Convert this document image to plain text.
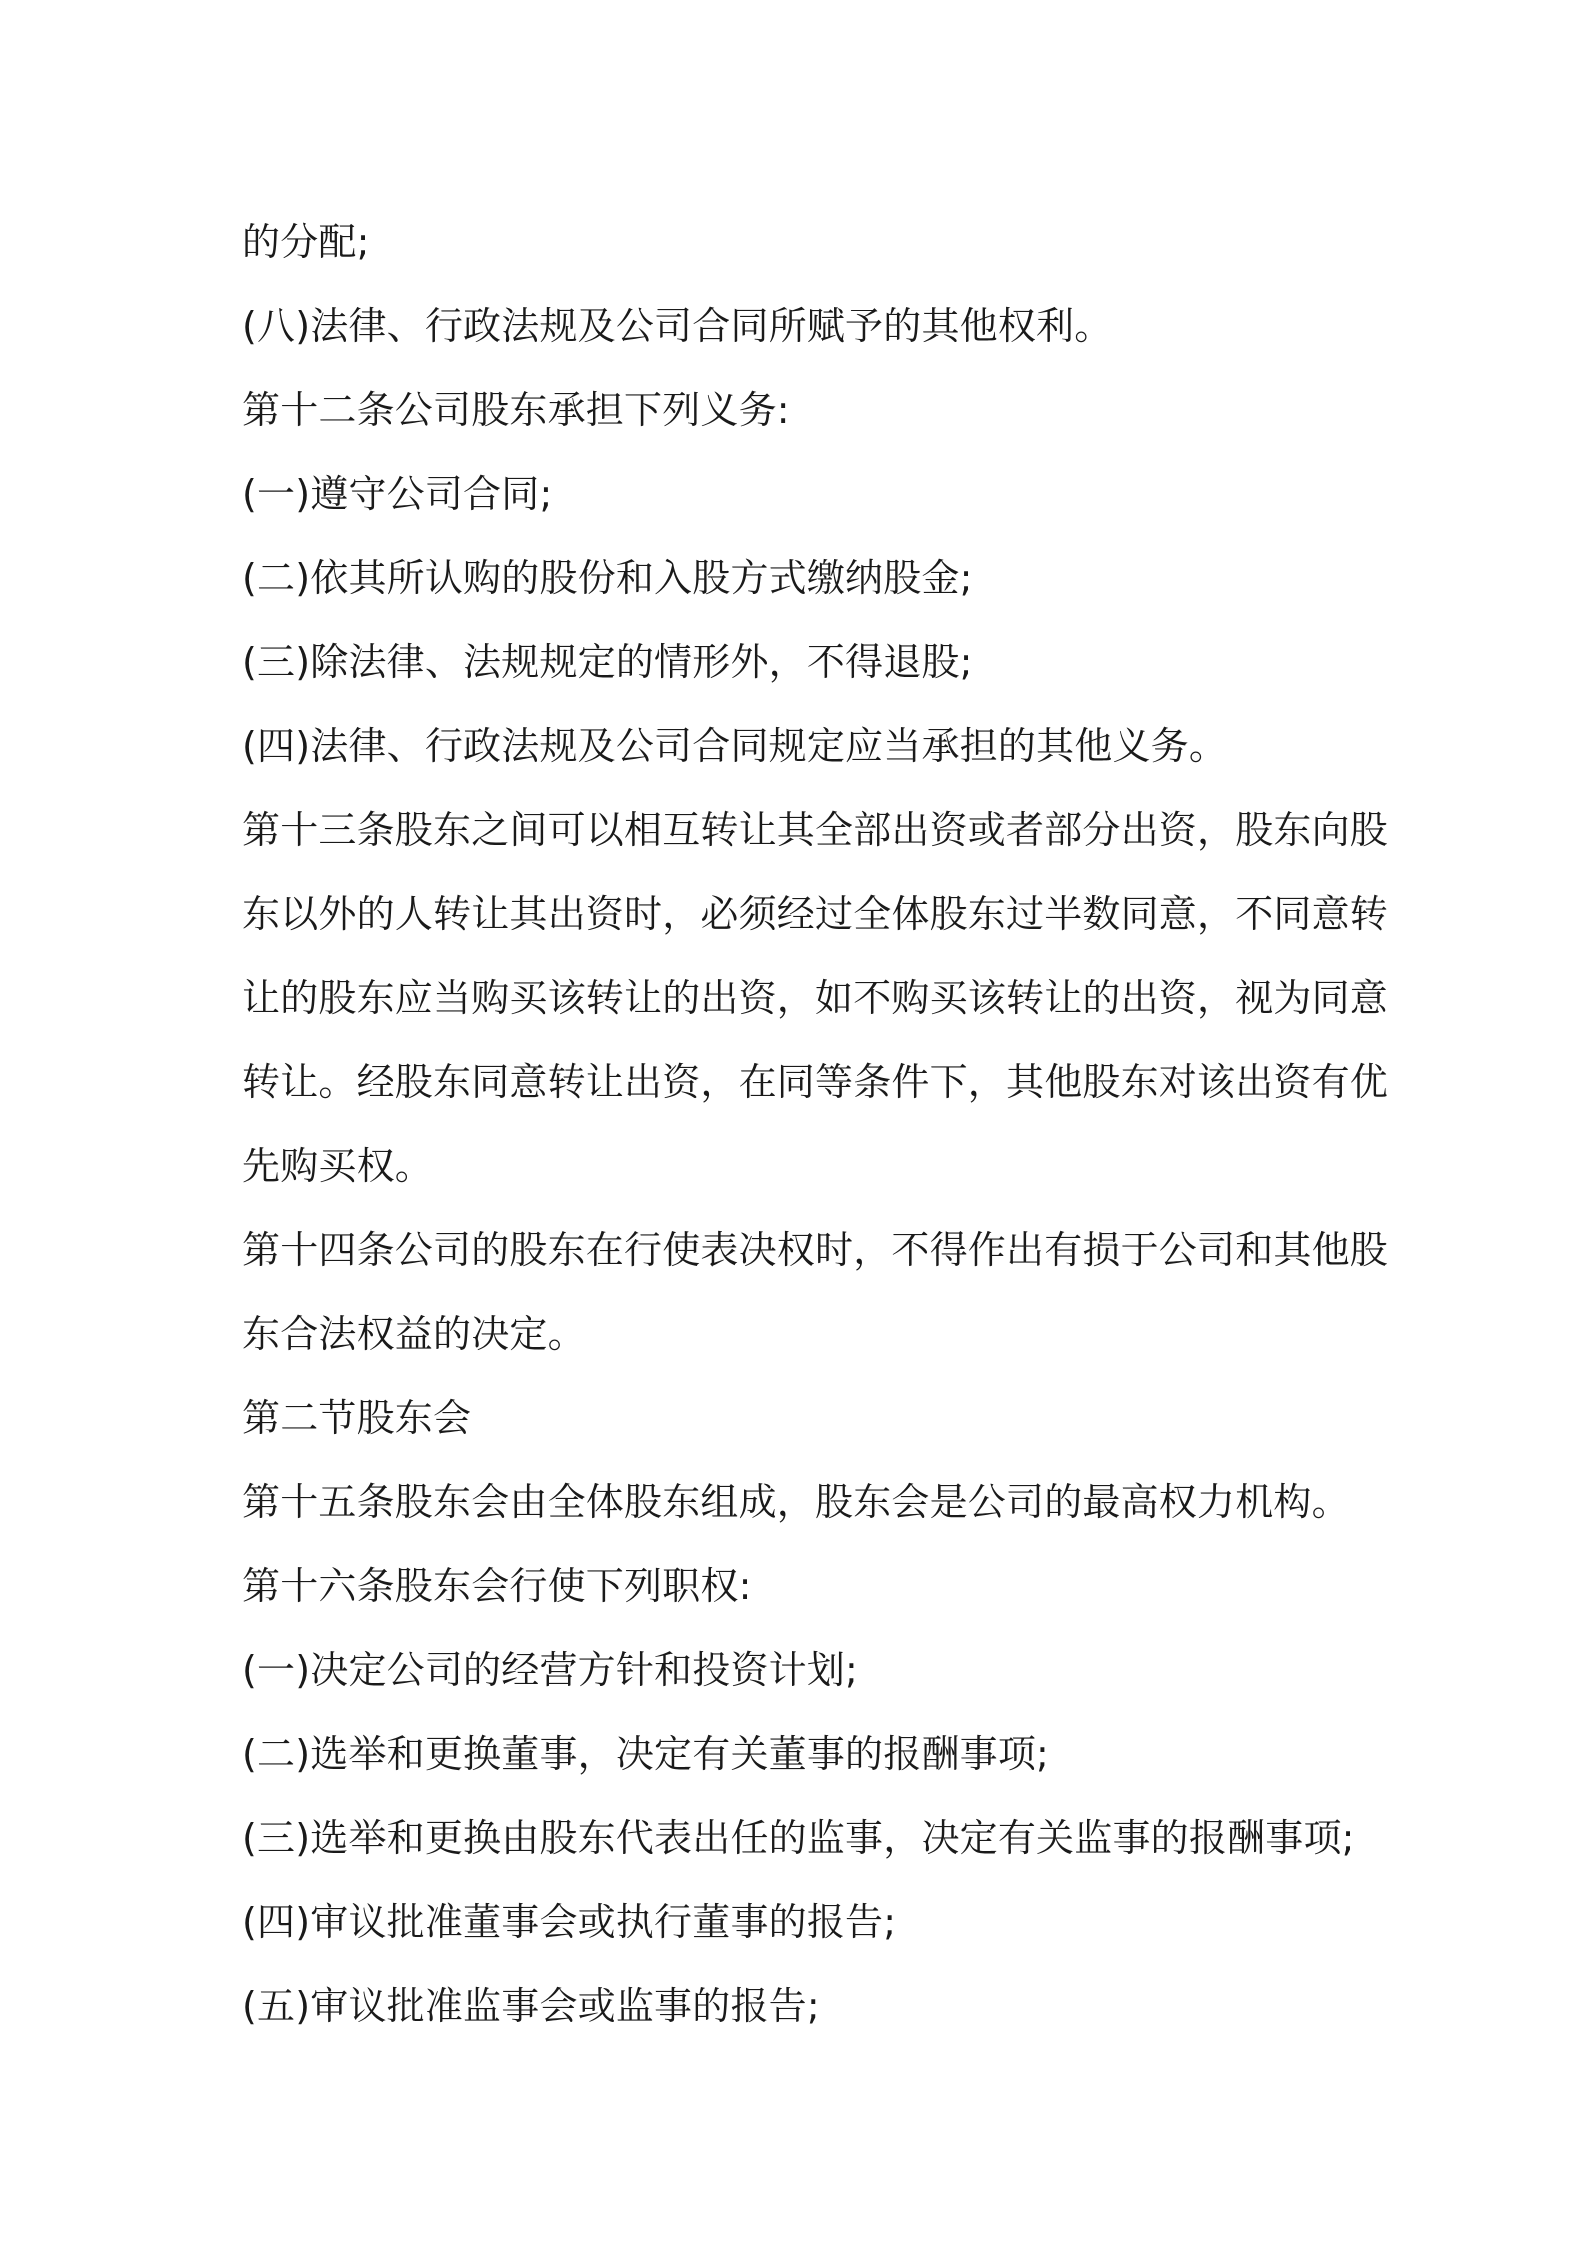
的分配;
(八)法律、行政法规及公司合同所赋予的其他权利。
第十二条公司股东承担下列义务:
(一)遵守公司合同;
(二)依其所认购的股份和入股方式缴纳股金;
(三)除法律、法规规定的情形外，不得退股;
(四)法律、行政法规及公司合同规定应当承担的其他义务。
第十三条股东之间可以相互转让其全部出资或者部分出资，股东向股
东以外的人转让其出资时，必须经过全体股东过半数同意，不同意转
让的股东应当购买该转让的出资，如不购买该转让的出资，视为同意
转让。经股东同意转让出资，在同等条件下，其他股东对该出资有优
先购买权。
第十四条公司的股东在行使表决权时，不得作出有损于公司和其他股
东合法权益的决定。
第二节股东会
第十五条股东会由全体股东组成，股东会是公司的最高权力机构。
第十六条股东会行使下列职权:
(一)决定公司的经营方针和投资计划;
(二)选举和更换董事，决定有关董事的报酬事项;
(三)选举和更换由股东代表出任的监事，决定有关监事的报酬事项;
(四)审议批准董事会或执行董事的报告;
(五)审议批准监事会或监事的报告;
